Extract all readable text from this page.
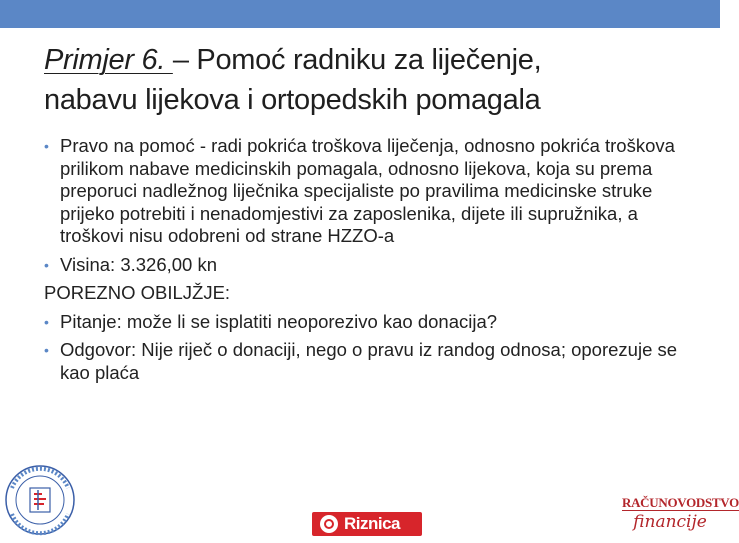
Primjer 6. – Pomoć radniku za liječenje,
nabavu lijekova i ortopedskih pomagala

• Pravo na pomoć - radi pokrića troškova liječenja, odnosno pokrića troškova prilikom nabave medicinskih pomagala, odnosno lijekova, koja su prema preporuci nadležnog liječnika specijaliste po pravilima medicinske struke prijeko potrebiti i nenadomjestivi za zaposlenika, dijete ili supružnika, a troškovi nisu odobreni od strane HZZO-a

• Visina: 3.326,00 kn

POREZNO OBILJŽJE:

• Pitanje: može li se isplatiti neoporezivo kao donacija?

• Odgovor: Nije riječ o donaciji, nego o pravu iz randog odnosa; oporezuje se kao plaća

Riznica
RAČUNOVODSTVO
financije
